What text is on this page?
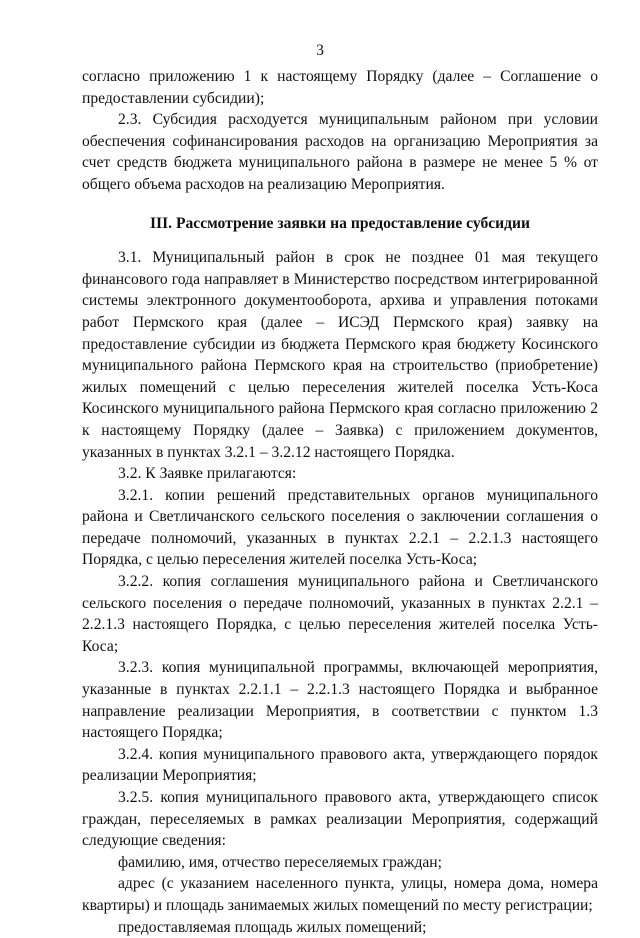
3

согласно приложению 1 к настоящему Порядку (далее – Соглашение о предоставлении субсидии);

2.3. Субсидия расходуется муниципальным районом при условии обеспечения софинансирования расходов на организацию Мероприятия за счет средств бюджета муниципального района в размере не менее 5 % от общего объема расходов на реализацию Мероприятия.

III. Рассмотрение заявки на предоставление субсидии

3.1. Муниципальный район в срок не позднее 01 мая текущего финансового года направляет в Министерство посредством интегрированной системы электронного документооборота, архива и управления потоками работ Пермского края (далее – ИСЭД Пермского края) заявку на предоставление субсидии из бюджета Пермского края бюджету Косинского муниципального района Пермского края на строительство (приобретение) жилых помещений с целью переселения жителей поселка Усть-Коса Косинского муниципального района Пермского края согласно приложению 2 к настоящему Порядку (далее – Заявка) с приложением документов, указанных в пунктах 3.2.1 – 3.2.12 настоящего Порядка.

3.2. К Заявке прилагаются:

3.2.1. копии решений представительных органов муниципального района и Светличанского сельского поселения о заключении соглашения о передаче полномочий, указанных в пунктах 2.2.1 – 2.2.1.3 настоящего Порядка, с целью переселения жителей поселка Усть-Коса;

3.2.2. копия соглашения муниципального района и Светличанского сельского поселения о передаче полномочий, указанных в пунктах 2.2.1 – 2.2.1.3 настоящего Порядка, с целью переселения жителей поселка Усть-Коса;

3.2.3. копия муниципальной программы, включающей мероприятия, указанные в пунктах 2.2.1.1 – 2.2.1.3 настоящего Порядка и выбранное направление реализации Мероприятия, в соответствии с пунктом 1.3 настоящего Порядка;

3.2.4. копия муниципального правового акта, утверждающего порядок реализации Мероприятия;

3.2.5. копия муниципального правового акта, утверждающего список граждан, переселяемых в рамках реализации Мероприятия, содержащий следующие сведения:

фамилию, имя, отчество переселяемых граждан;

адрес (с указанием населенного пункта, улицы, номера дома, номера квартиры) и площадь занимаемых жилых помещений по месту регистрации;

предоставляемая площадь жилых помещений;
